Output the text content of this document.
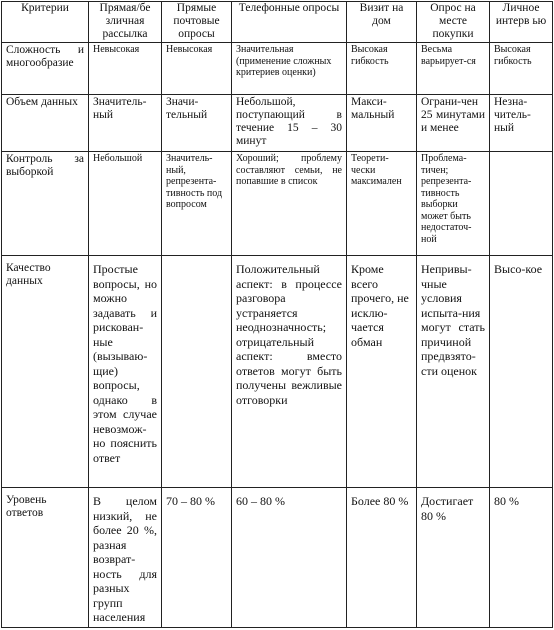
Критерии	Прямая/бе зличная рассылка	Прямые почтовые опросы	Телефонные опросы	Визит на дом	Опрос на месте покупки	Личное интерв ью
Сложность и многообразие	Невысокая	Невысокая	Значительная (применение сложных критериев оценки)	Высокая гибкость	Весьма варьирует-ся	Высокая гибкость
Объем данных	Значитель-ный	Значи-тельный	Небольшой, поступающий в течение 15 – 30 минут	Макси-мальный	Ограни-чен 25 минутами и менее	Незна-читель-ный
Контроль за выборкой	Небольшой	Значитель-ный, репрезента-тивность под вопросом	Хороший; проблему составляют семьи, не попавшие в список	Теорети-чески максимален	Проблема-тичен; репрезента-тивность выборки может быть недостаточ-ной	
Качество данных	Простые вопросы, но можно задавать и рискован-ные (вызываю-щие) вопросы, однако в этом случае невозмож-но пояснить ответ		Положительный аспект: в процессе разговора устраняется неоднозначность; отрицательный аспект: вместо ответов могут быть получены вежливые отговорки	Кроме всего прочего, не исклю-чается обман	Непривы-чные условия испыта-ния могут стать причиной предвзято-сти оценок	Высо-кое
Уровень ответов	В целом низкий, не более 20 %, разная возврат-ность для разных групп населения	70 – 80 %	60 – 80 %	Более 80 %	Достигает 80 %	80 %
